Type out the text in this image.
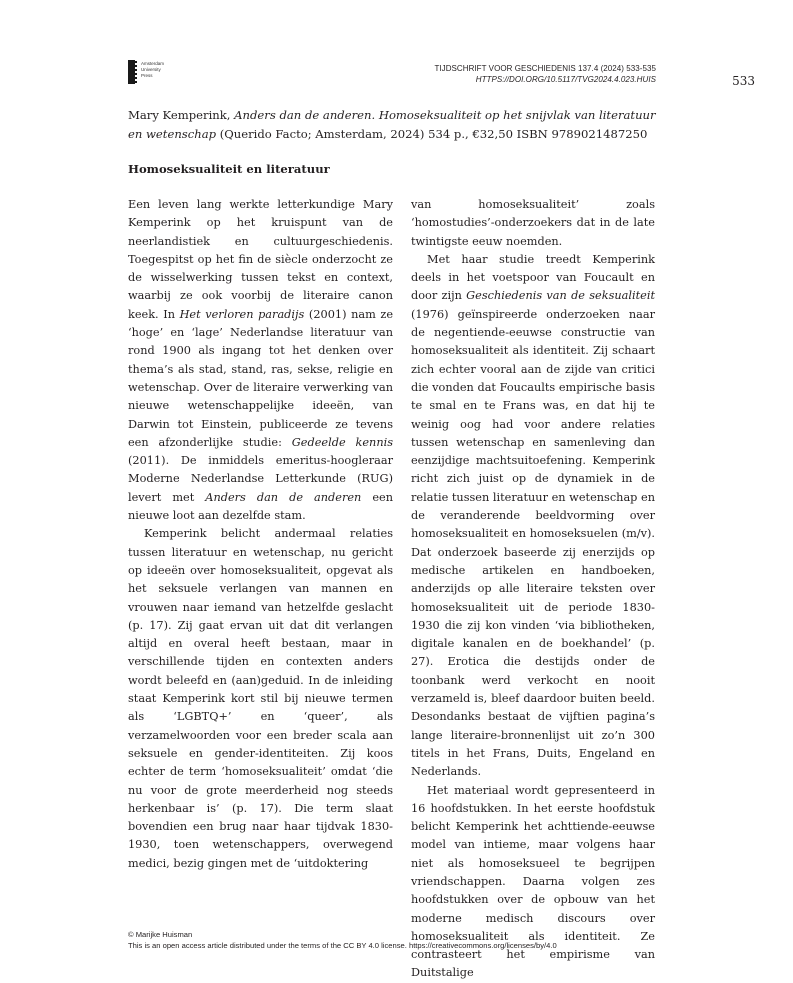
Amsterdam
University
Press
TIJDSCHRIFT VOOR GESCHIEDENIS 137.4 (2024) 533-535
HTTPS://DOI.ORG/10.5117/TVG2024.4.023.HUIS	533
Mary Kemperink, Anders dan de anderen. Homoseksualiteit op het snijvlak van literatuur en wetenschap (Querido Facto; Amsterdam, 2024) 534 p., €32,50 ISBN 9789021487250
Homoseksualiteit en literatuur

Een leven lang werkte letterkundige Mary Kemperink op het kruispunt van de neerlandistiek en cultuurgeschiedenis. Toegespitst op het fin de siècle onderzocht ze de wisselwerking tussen tekst en context, waarbij ze ook voorbij de literaire canon keek. In Het verloren paradijs (2001) nam ze ‘hoge’ en ‘lage’ Nederlandse literatuur van rond 1900 als ingang tot het denken over thema’s als stad, stand, ras, sekse, religie en wetenschap. Over de literaire verwerking van nieuwe wetenschappelijke ideeën, van Darwin tot Einstein, publiceerde ze tevens een afzonderlijke studie: Gedeelde kennis (2011). De inmiddels emeritus-hoogleraar Moderne Nederlandse Letterkunde (RUG) levert met Anders dan de anderen een nieuwe loot aan dezelfde stam.

Kemperink belicht andermaal relaties tussen literatuur en wetenschap, nu gericht op ideeën over homoseksualiteit, opgevat als het seksuele verlangen van mannen en vrouwen naar iemand van hetzelfde geslacht (p. 17). Zij gaat ervan uit dat dit verlangen altijd en overal heeft bestaan, maar in verschillende tijden en contexten anders wordt beleefd en (aan)geduid. In de inleiding staat Kemperink kort stil bij nieuwe termen als ‘LGBTQ+’ en ‘queer’, als verzamelwoorden voor een breder scala aan seksuele en gender-identiteiten. Zij koos echter de term ‘homoseksualiteit’ omdat ‘die nu voor de grote meerderheid nog steeds herkenbaar is’ (p. 17). Die term slaat bovendien een brug naar haar tijdvak 1830-1930, toen wetenschappers, overwegend medici, bezig gingen met de ‘uitdoktering

van homoseksualiteit’ zoals ‘homostudies’-onderzoekers dat in de late twintigste eeuw noemden.

Met haar studie treedt Kemperink deels in het voetspoor van Foucault en door zijn Geschiedenis van de seksualiteit (1976) geïnspireerde onderzoeken naar de negentiende-eeuwse constructie van homoseksualiteit als identiteit. Zij schaart zich echter vooral aan de zijde van critici die vonden dat Foucaults empirische basis te smal en te Frans was, en dat hij te weinig oog had voor andere relaties tussen wetenschap en samenleving dan eenzijdige machtsuitoefening. Kemperink richt zich juist op de dynamiek in de relatie tussen literatuur en wetenschap en de veranderende beeldvorming over homoseksualiteit en homoseksuelen (m/v). Dat onderzoek baseerde zij enerzijds op medische artikelen en handboeken, anderzijds op alle literaire teksten over homoseksualiteit uit de periode 1830-1930 die zij kon vinden ‘via bibliotheken, digitale kanalen en de boekhandel’ (p. 27). Erotica die destijds onder de toonbank werd verkocht en nooit verzameld is, bleef daardoor buiten beeld. Desondanks bestaat de vijftien pagina’s lange literaire-bronnenlijst uit zo’n 300 titels in het Frans, Duits, Engeland en Nederlands.

Het materiaal wordt gepresenteerd in 16 hoofdstukken. In het eerste hoofdstuk belicht Kemperink het achttiende-eeuwse model van intieme, maar volgens haar niet als homoseksueel te begrijpen vriendschappen. Daarna volgen zes hoofdstukken over de opbouw van het moderne medisch discours over homoseksualiteit als identiteit. Ze contrasteert het empirisme van Duitstalige

© Marijke Huisman
This is an open access article distributed under the terms of the CC BY 4.0 license. https://creativecommons.org/licenses/by/4.0
